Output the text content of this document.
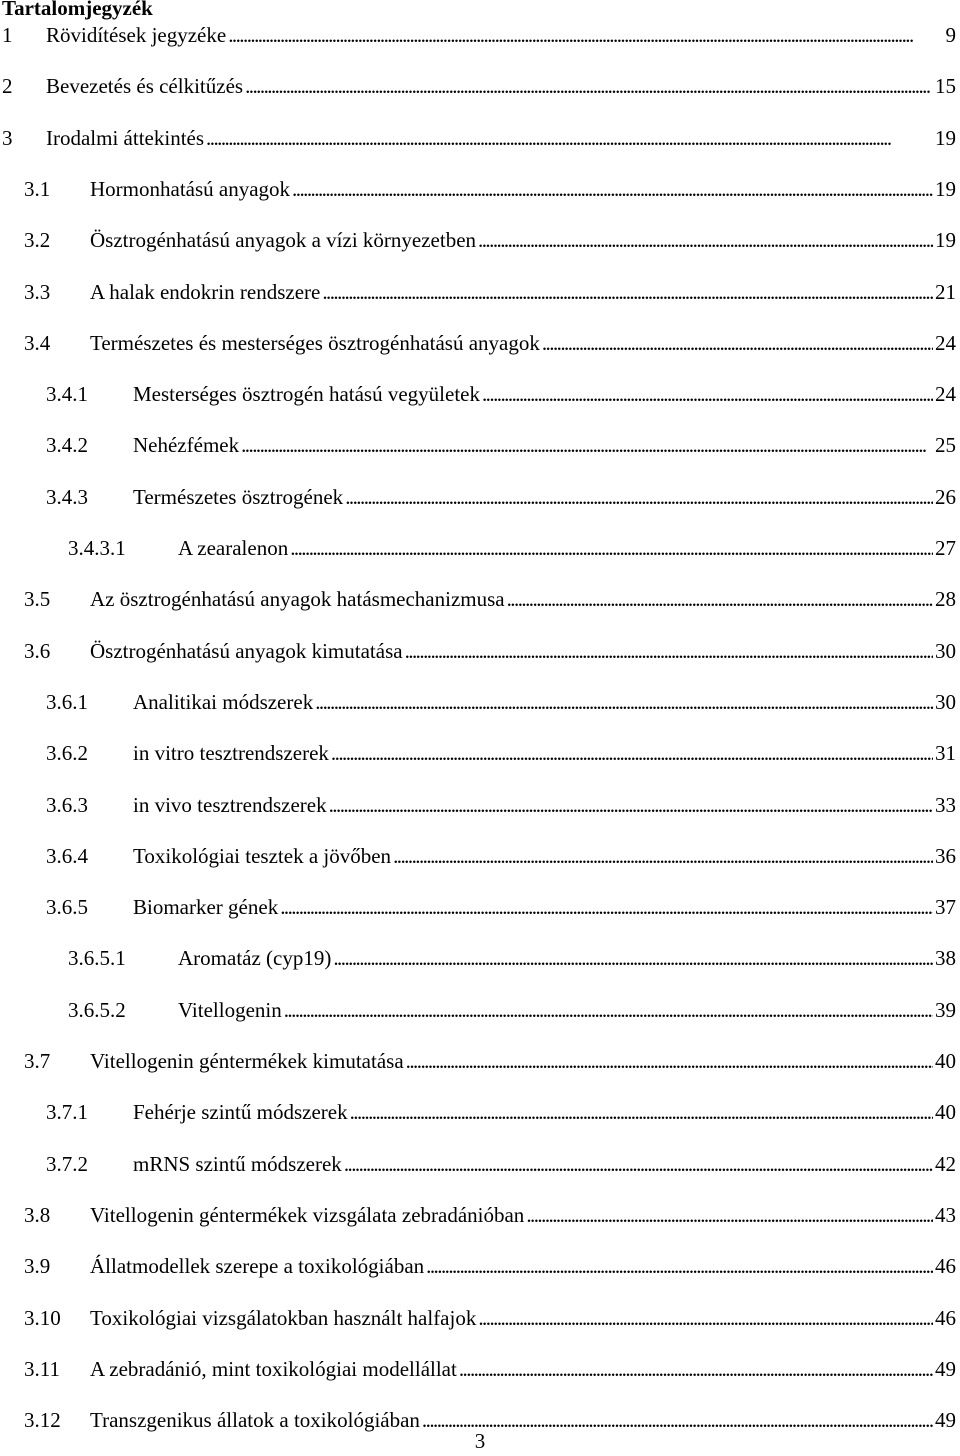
Tartalomjegyzék
1 Rövidítések jegyzéke . . .	9
2 Bevezetés és célkitűzés . . .	15
3 Irodalmi áttekintés . . .	19
3.1 Hormonhatású anyagok . . .	19
3.2 Ösztrogénhatású anyagok a vízi környezetben . . .	19
3.3 A halak endokrin rendszere . . .	21
3.4 Természetes és mesterséges ösztrogénhatású anyagok . . .	24
3.4.1 Mesterséges ösztrogén hatású vegyületek . . .	24
3.4.2 Nehézfémek . . .	25
3.4.3 Természetes ösztrogének . . .	26
3.4.3.1 A zearalenon . . .	27
3.5 Az ösztrogénhatású anyagok hatásmechanizmusa . . .	28
3.6 Ösztrogénhatású anyagok kimutatása . . .	30
3.6.1 Analitikai módszerek . . .	30
3.6.2 in vitro tesztrendszerek . . .	31
3.6.3 in vivo tesztrendszerek . . .	33
3.6.4 Toxikológiai tesztek a jövőben . . .	36
3.6.5 Biomarker gének . . .	37
3.6.5.1 Aromatáz (cyp19) . . .	38
3.6.5.2 Vitellogenin . . .	39
3.7 Vitellogenin géntermékek kimutatása . . .	40
3.7.1 Fehérje szintű módszerek . . .	40
3.7.2 mRNS szintű módszerek . . .	42
3.8 Vitellogenin géntermékek vizsgálata zebradánióban . . .	43
3.9 Állatmodellek szerepe a toxikológiában . . .	46
3.10 Toxikológiai vizsgálatokban használt halfajok . . .	46
3.11 A zebradánió, mint toxikológiai modellállat . . .	49
3.12 Transzgenikus állatok a toxikológiában . . .	49
3
